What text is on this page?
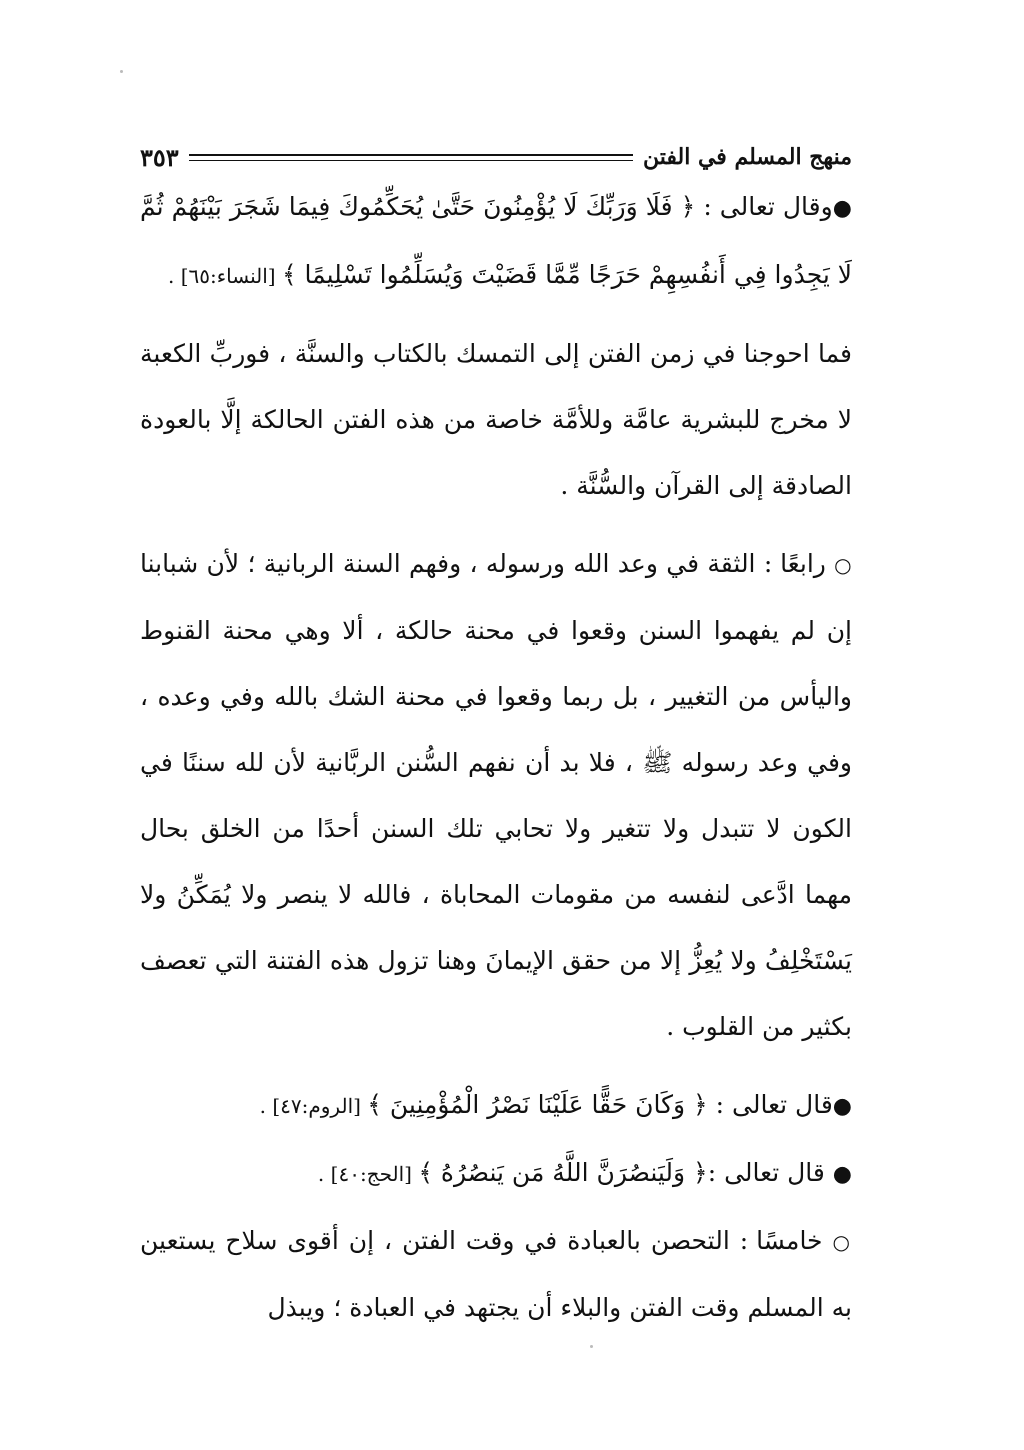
منهج المسلم في الفتن
٣٥٣

●وقال تعالى : ﴿ فَلَا وَرَبِّكَ لَا يُؤْمِنُونَ حَتَّىٰ يُحَكِّمُوكَ فِيمَا شَجَرَ بَيْنَهُمْ ثُمَّ لَا يَجِدُوا فِي أَنفُسِهِمْ حَرَجًا مِّمَّا قَضَيْتَ وَيُسَلِّمُوا تَسْلِيمًا ﴾ [النساء:٦٥] .

فما احوجنا في زمن الفتن إلى التمسك بالكتاب والسنَّة ، فوربِّ الكعبة لا مخرج للبشرية عامَّة وللأمَّة خاصة من هذه الفتن الحالكة إلَّا بالعودة الصادقة إلى القرآن والسُّنَّة .

○ رابعًا : الثقة في وعد الله ورسوله ، وفهم السنة الربانية ؛ لأن شبابنا إن لم يفهموا السنن وقعوا في محنة حالكة ، ألا وهي محنة القنوط واليأس من التغيير ، بل ربما وقعوا في محنة الشك بالله وفي وعده ، وفي وعد رسوله ﷺ ، فلا بد أن نفهم السُّنن الربَّانية لأن لله سننًا في الكون لا تتبدل ولا تتغير ولا تحابي تلك السنن أحدًا من الخلق بحال مهما ادَّعى لنفسه من مقومات المحاباة ، فالله لا ينصر ولا يُمَكِّنُ ولا يَسْتَخْلِفُ ولا يُعِزُّ إلا من حقق الإيمانَ وهنا تزول هذه الفتنة التي تعصف بكثير من القلوب .

●قال تعالى : ﴿ وَكَانَ حَقًّا عَلَيْنَا نَصْرُ الْمُؤْمِنِينَ ﴾ [الروم:٤٧] .

● قال تعالى :﴿ وَلَيَنصُرَنَّ اللَّهُ مَن يَنصُرُهُ ﴾ [الحج:٤٠] .

○ خامسًا : التحصن بالعبادة في وقت الفتن ، إن أقوى سلاح يستعين به المسلم وقت الفتن والبلاء أن يجتهد في العبادة ؛ ويبذل
